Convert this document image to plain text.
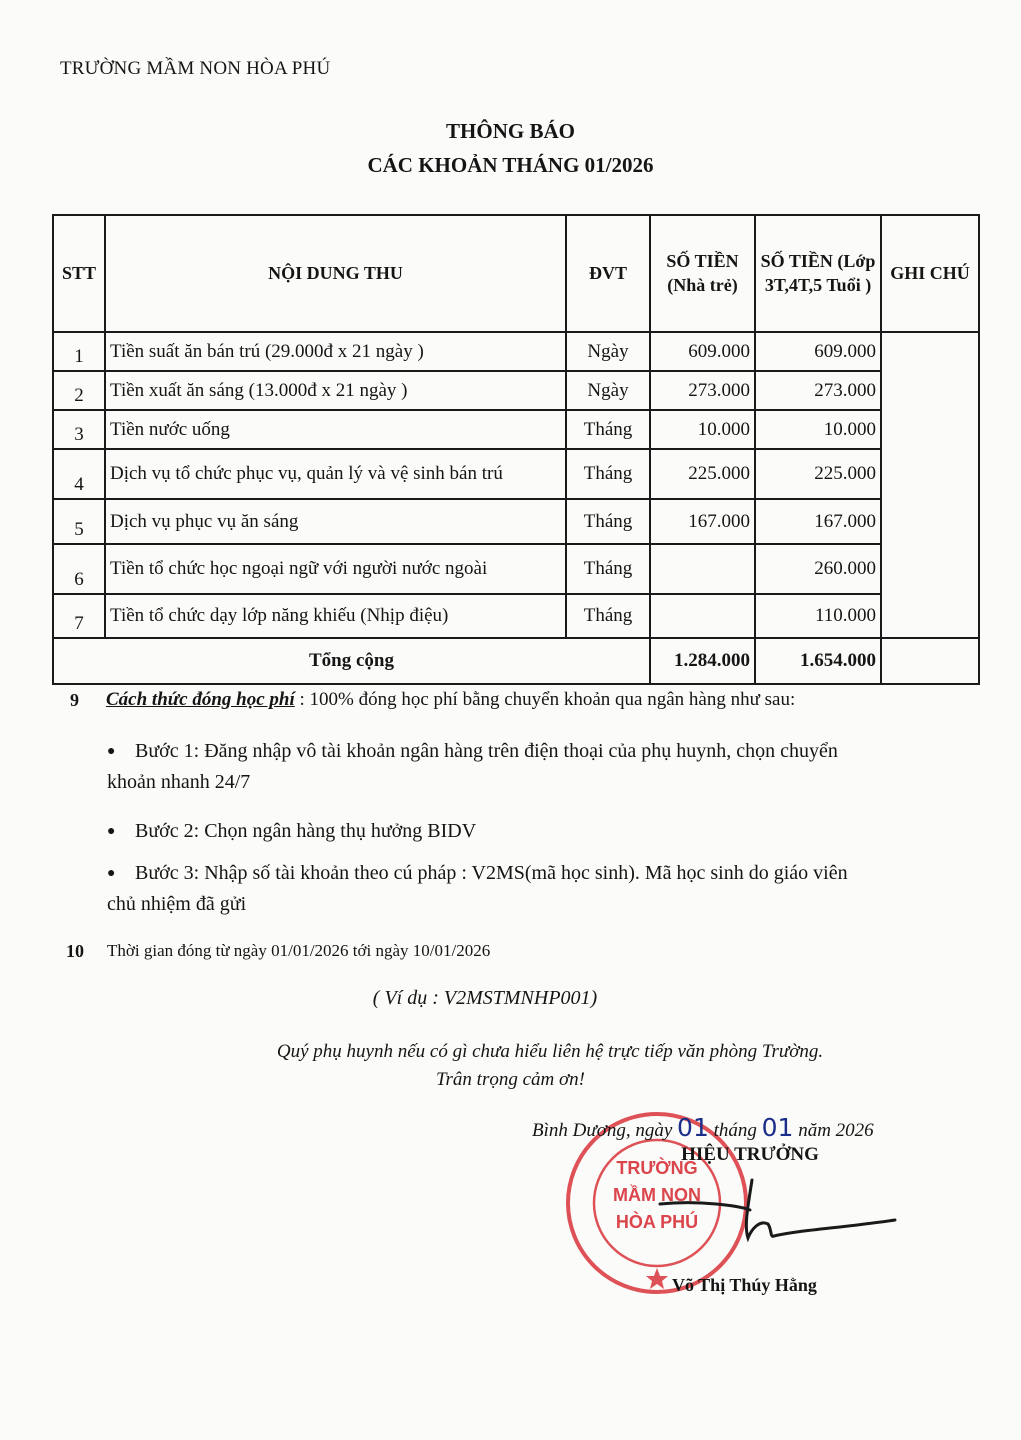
TRƯỜNG MẦM NON HÒA PHÚ
THÔNG BÁO
CÁC KHOẢN THÁNG 01/2026
STT	NỘI DUNG THU	ĐVT	SỐ TIỀN (Nhà trẻ)	SỐ TIỀN (Lớp 3T,4T,5 Tuổi )	GHI CHÚ
1	Tiền suất ăn bán trú (29.000đ x 21 ngày )	Ngày	609.000	609.000	
2	Tiền xuất ăn sáng (13.000đ x 21 ngày )	Ngày	273.000	273.000	
3	Tiền nước uống	Tháng	10.000	10.000	
4	Dịch vụ tổ chức phục vụ, quản lý và vệ sinh bán trú	Tháng	225.000	225.000	
5	Dịch vụ phục vụ ăn sáng	Tháng	167.000	167.000	
6	Tiền tổ chức học ngoại ngữ với người nước ngoài	Tháng		260.000	
7	Tiền tổ chức dạy lớp năng khiếu (Nhịp điệu)	Tháng		110.000	
Tổng cộng			1.284.000	1.654.000	
9 Cách thức đóng học phí : 100% đóng học phí bằng chuyển khoản qua ngân hàng như sau:
● Bước 1: Đăng nhập vô tài khoản ngân hàng trên điện thoại của phụ huynh, chọn chuyển khoản nhanh 24/7
● Bước 2: Chọn ngân hàng thụ hưởng BIDV
● Bước 3: Nhập số tài khoản theo cú pháp : V2MS(mã học sinh). Mã học sinh do giáo viên chủ nhiệm đã gửi
10 Thời gian đóng từ ngày 01/01/2026 tới ngày 10/01/2026
( Ví dụ : V2MSTMNHP001)
Quý phụ huynh nếu có gì chưa hiểu liên hệ trực tiếp văn phòng Trường.
Trân trọng cảm ơn!
TRƯỜNG
MẦM NON
HÒA PHÚ
Bình Dương, ngày 01 tháng 01 năm 2026
HIỆU TRƯỞNG
Võ Thị Thúy Hằng
